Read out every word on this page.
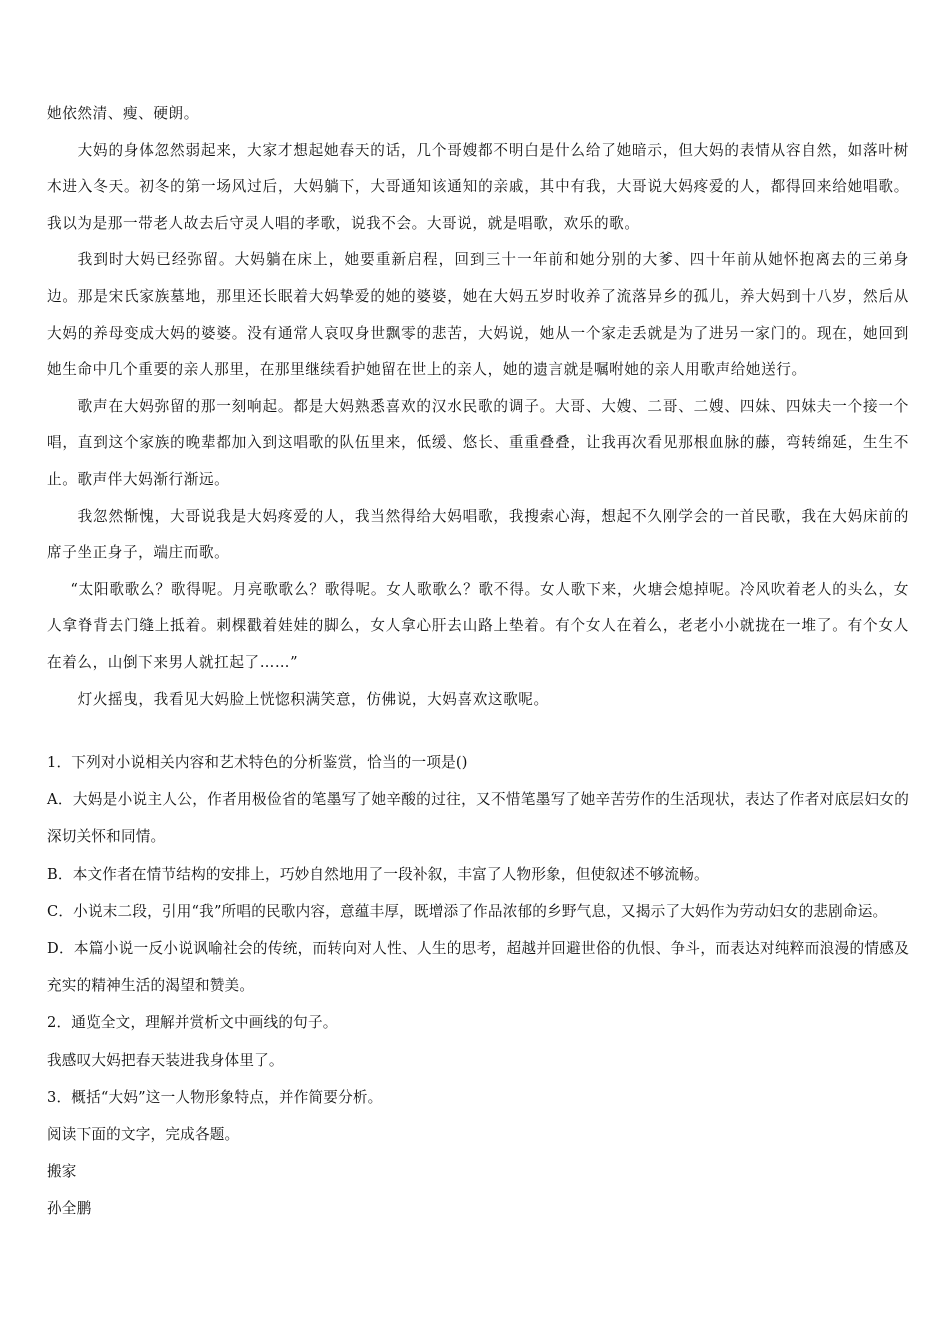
她依然清、瘦、硬朗。

大妈的身体忽然弱起来，大家才想起她春天的话，几个哥嫂都不明白是什么给了她暗示，但大妈的表情从容自然，如落叶树木进入冬天。初冬的第一场风过后，大妈躺下，大哥通知该通知的亲戚，其中有我，大哥说大妈疼爱的人，都得回来给她唱歌。我以为是那一带老人故去后守灵人唱的孝歌，说我不会。大哥说，就是唱歌，欢乐的歌。

我到时大妈已经弥留。大妈躺在床上，她要重新启程，回到三十一年前和她分别的大爹、四十年前从她怀抱离去的三弟身边。那是宋氏家族墓地，那里还长眠着大妈挚爱的她的婆婆，她在大妈五岁时收养了流落异乡的孤儿，养大妈到十八岁，然后从大妈的养母变成大妈的婆婆。没有通常人哀叹身世飘零的悲苦，大妈说，她从一个家走丢就是为了进另一家门的。现在，她回到她生命中几个重要的亲人那里，在那里继续看护她留在世上的亲人，她的遗言就是嘱咐她的亲人用歌声给她送行。

歌声在大妈弥留的那一刻响起。都是大妈熟悉喜欢的汉水民歌的调子。大哥、大嫂、二哥、二嫂、四妹、四妹夫一个接一个唱，直到这个家族的晚辈都加入到这唱歌的队伍里来，低缓、悠长、重重叠叠，让我再次看见那根血脉的藤，弯转绵延，生生不止。歌声伴大妈渐行渐远。

我忽然惭愧，大哥说我是大妈疼爱的人，我当然得给大妈唱歌，我搜索心海，想起不久刚学会的一首民歌，我在大妈床前的席子坐正身子，端庄而歌。

“太阳歌歌么？歌得呢。月亮歌歌么？歌得呢。女人歌歌么？歌不得。女人歌下来，火塘会熄掉呢。冷风吹着老人的头么，女人拿脊背去门缝上抵着。刺棵戳着娃娃的脚么，女人拿心肝去山路上垫着。有个女人在着么，老老小小就拢在一堆了。有个女人在着么，山倒下来男人就扛起了……”

灯火摇曳，我看见大妈脸上恍惚积满笑意，仿佛说，大妈喜欢这歌呢。

1．下列对小说相关内容和艺术特色的分析鉴赏，恰当的一项是()

A．大妈是小说主人公，作者用极俭省的笔墨写了她辛酸的过往，又不惜笔墨写了她辛苦劳作的生活现状，表达了作者对底层妇女的深切关怀和同情。

B．本文作者在情节结构的安排上，巧妙自然地用了一段补叙，丰富了人物形象，但使叙述不够流畅。

C．小说末二段，引用“我”所唱的民歌内容，意蕴丰厚，既增添了作品浓郁的乡野气息，又揭示了大妈作为劳动妇女的悲剧命运。

D．本篇小说一反小说讽喻社会的传统，而转向对人性、人生的思考，超越并回避世俗的仇恨、争斗，而表达对纯粹而浪漫的情感及充实的精神生活的渴望和赞美。

2．通览全文，理解并赏析文中画线的句子。

我感叹大妈把春天装进我身体里了。

3．概括“大妈”这一人物形象特点，并作简要分析。

阅读下面的文字，完成各题。

搬家

孙全鹏
